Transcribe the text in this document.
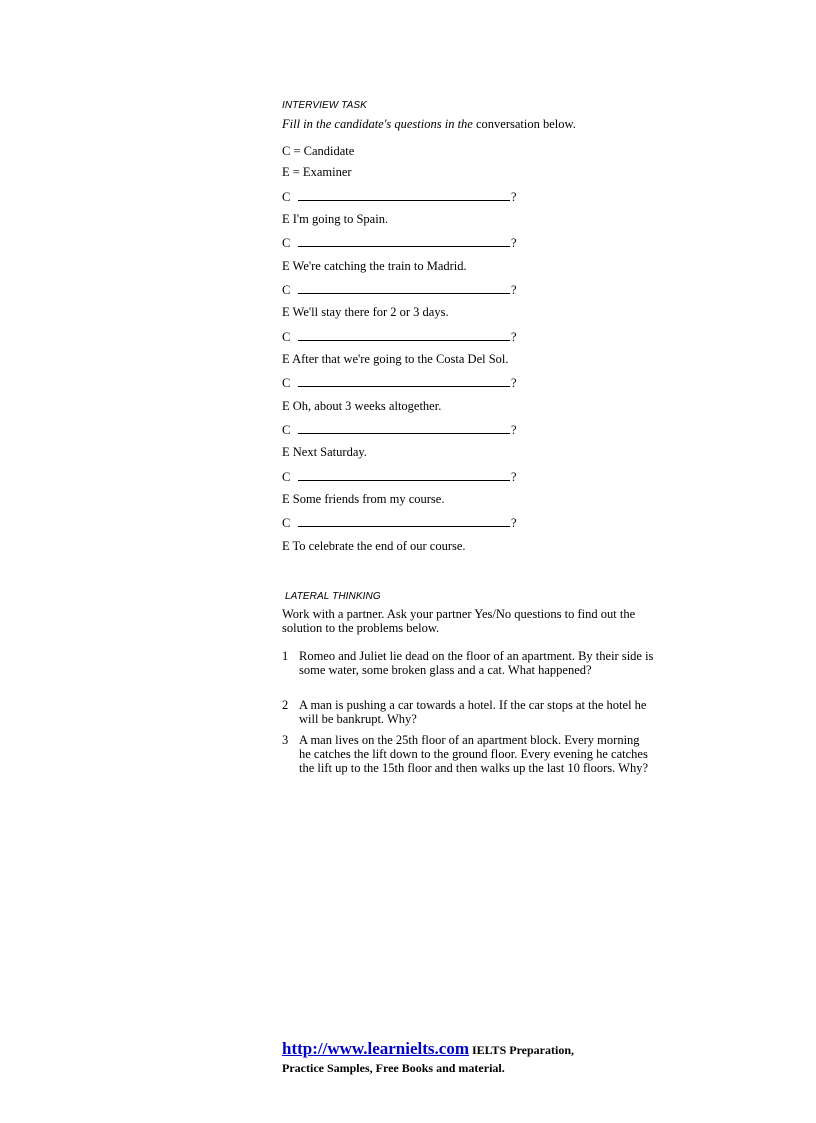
INTERVIEW TASK
Fill in the candidate's questions in the conversation below.
C = Candidate
E = Examiner
C	?
E I'm going to Spain.
C	?
E We're catching the train to Madrid.
C	?
E We'll stay there for 2 or 3 days.
C	?
E After that we're going to the Costa Del Sol.
C	?
E Oh, about 3 weeks altogether.
C	?
E Next Saturday.
C	?
E Some friends from my course.
C	?
E To celebrate the end of our course.
LATERAL THINKING
Work with a partner. Ask your partner Yes/No questions to find out the solution to the problems below.
1 Romeo and Juliet lie dead on the floor of an apartment. By their side is some water, some broken glass and a cat. What happened?
2 A man is pushing a car towards a hotel. If the car stops at the hotel he will be bankrupt. Why?
3 A man lives on the 25th floor of an apartment block. Every morning he catches the lift down to the ground floor. Every evening he catches the lift up to the 15th floor and then walks up the last 10 floors. Why?
http://www.learnielts.com IELTS Preparation,
Practice Samples, Free Books and material.
